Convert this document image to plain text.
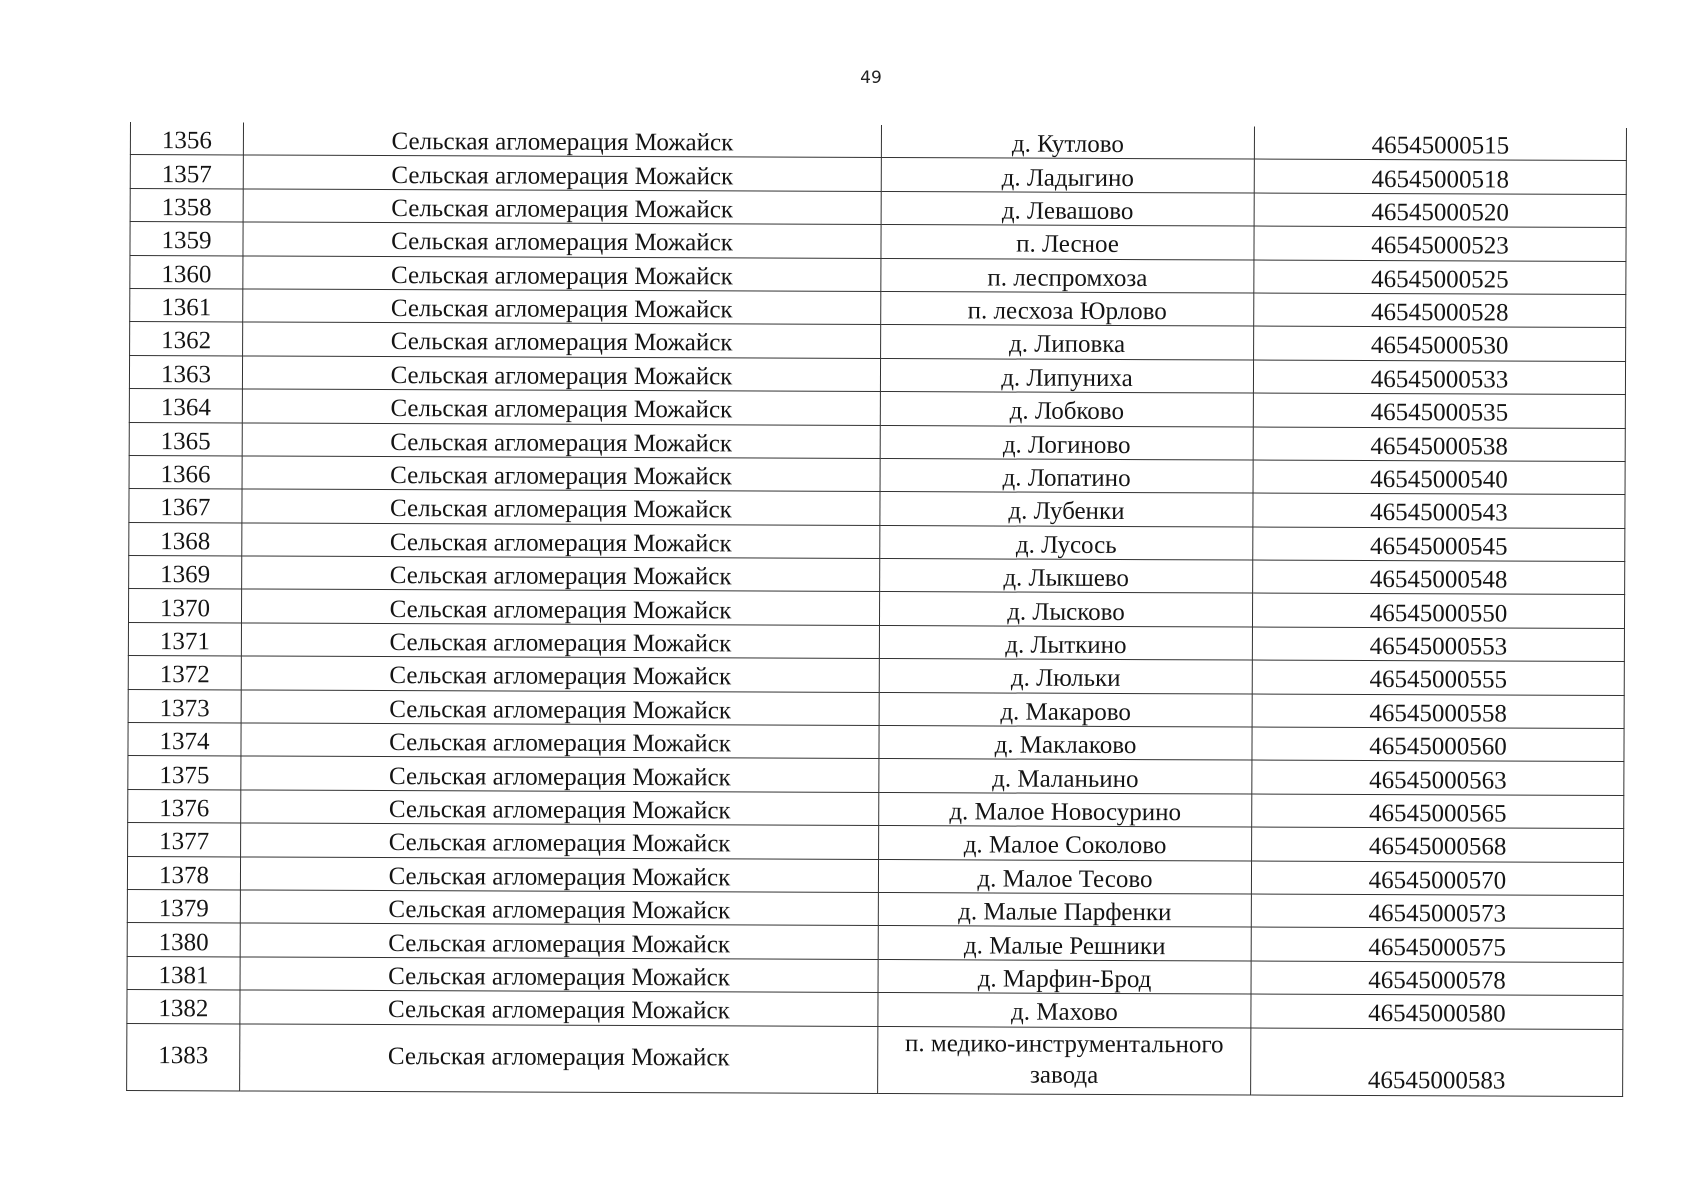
49
1356	Сельская агломерация Можайск	д. Кутлово	46545000515
1357	Сельская агломерация Можайск	д. Ладыгино	46545000518
1358	Сельская агломерация Можайск	д. Левашово	46545000520
1359	Сельская агломерация Можайск	п. Лесное	46545000523
1360	Сельская агломерация Можайск	п. леспромхоза	46545000525
1361	Сельская агломерация Можайск	п. лесхоза Юрлово	46545000528
1362	Сельская агломерация Можайск	д. Липовка	46545000530
1363	Сельская агломерация Можайск	д. Липуниха	46545000533
1364	Сельская агломерация Можайск	д. Лобково	46545000535
1365	Сельская агломерация Можайск	д. Логиново	46545000538
1366	Сельская агломерация Можайск	д. Лопатино	46545000540
1367	Сельская агломерация Можайск	д. Лубенки	46545000543
1368	Сельская агломерация Можайск	д. Лусось	46545000545
1369	Сельская агломерация Можайск	д. Лыкшево	46545000548
1370	Сельская агломерация Можайск	д. Лысково	46545000550
1371	Сельская агломерация Можайск	д. Лыткино	46545000553
1372	Сельская агломерация Можайск	д. Люльки	46545000555
1373	Сельская агломерация Можайск	д. Макарово	46545000558
1374	Сельская агломерация Можайск	д. Маклаково	46545000560
1375	Сельская агломерация Можайск	д. Маланьино	46545000563
1376	Сельская агломерация Можайск	д. Малое Новосурино	46545000565
1377	Сельская агломерация Можайск	д. Малое Соколово	46545000568
1378	Сельская агломерация Можайск	д. Малое Тесово	46545000570
1379	Сельская агломерация Можайск	д. Малые Парфенки	46545000573
1380	Сельская агломерация Можайск	д. Малые Решники	46545000575
1381	Сельская агломерация Можайск	д. Марфин-Брод	46545000578
1382	Сельская агломерация Можайск	д. Махово	46545000580
1383	Сельская агломерация Можайск	п. медико-инструментального завода	46545000583
